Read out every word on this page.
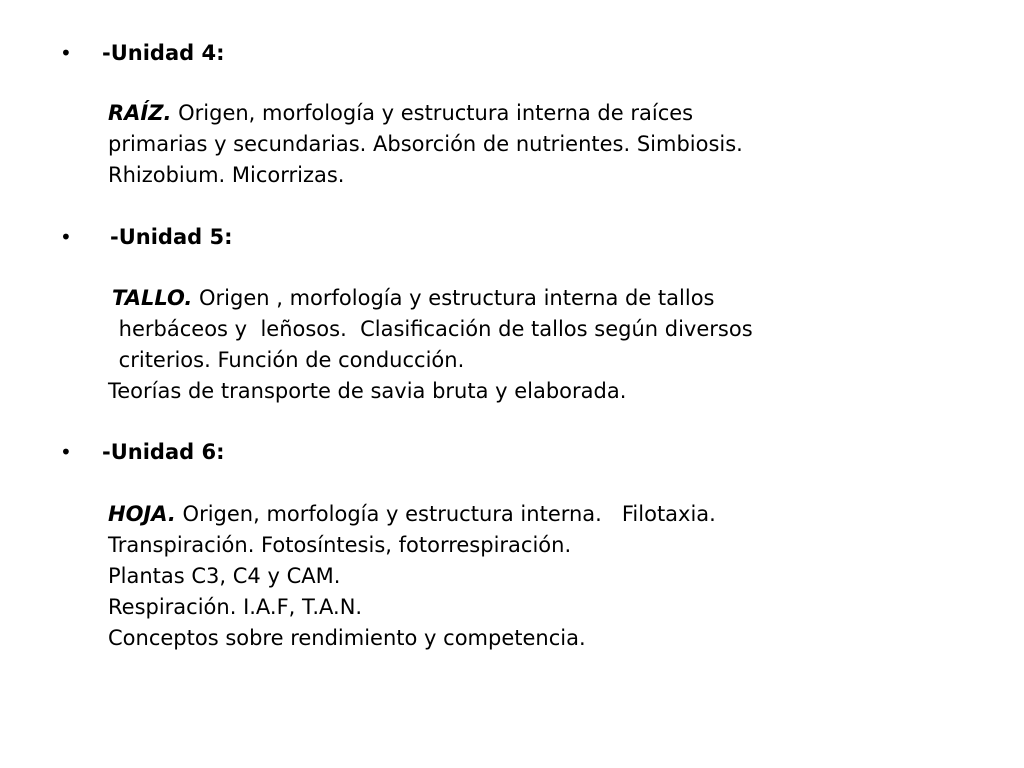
• -Unidad 4:
RAÍZ. Origen, morfología y estructura interna de raíces
primarias y secundarias. Absorción de nutrientes. Simbiosis.
Rhizobium. Micorrizas.
• -Unidad 5:
TALLO. Origen , morfología y estructura interna de tallos
herbáceos y  leñosos.  Clasificación de tallos según diversos
criterios. Función de conducción.
Teorías de transporte de savia bruta y elaborada.
• -Unidad 6:
HOJA. Origen, morfología y estructura interna.   Filotaxia.
Transpiración. Fotosíntesis, fotorrespiración.
Plantas C3, C4 y CAM.
Respiración. I.A.F, T.A.N.
Conceptos sobre rendimiento y competencia.
